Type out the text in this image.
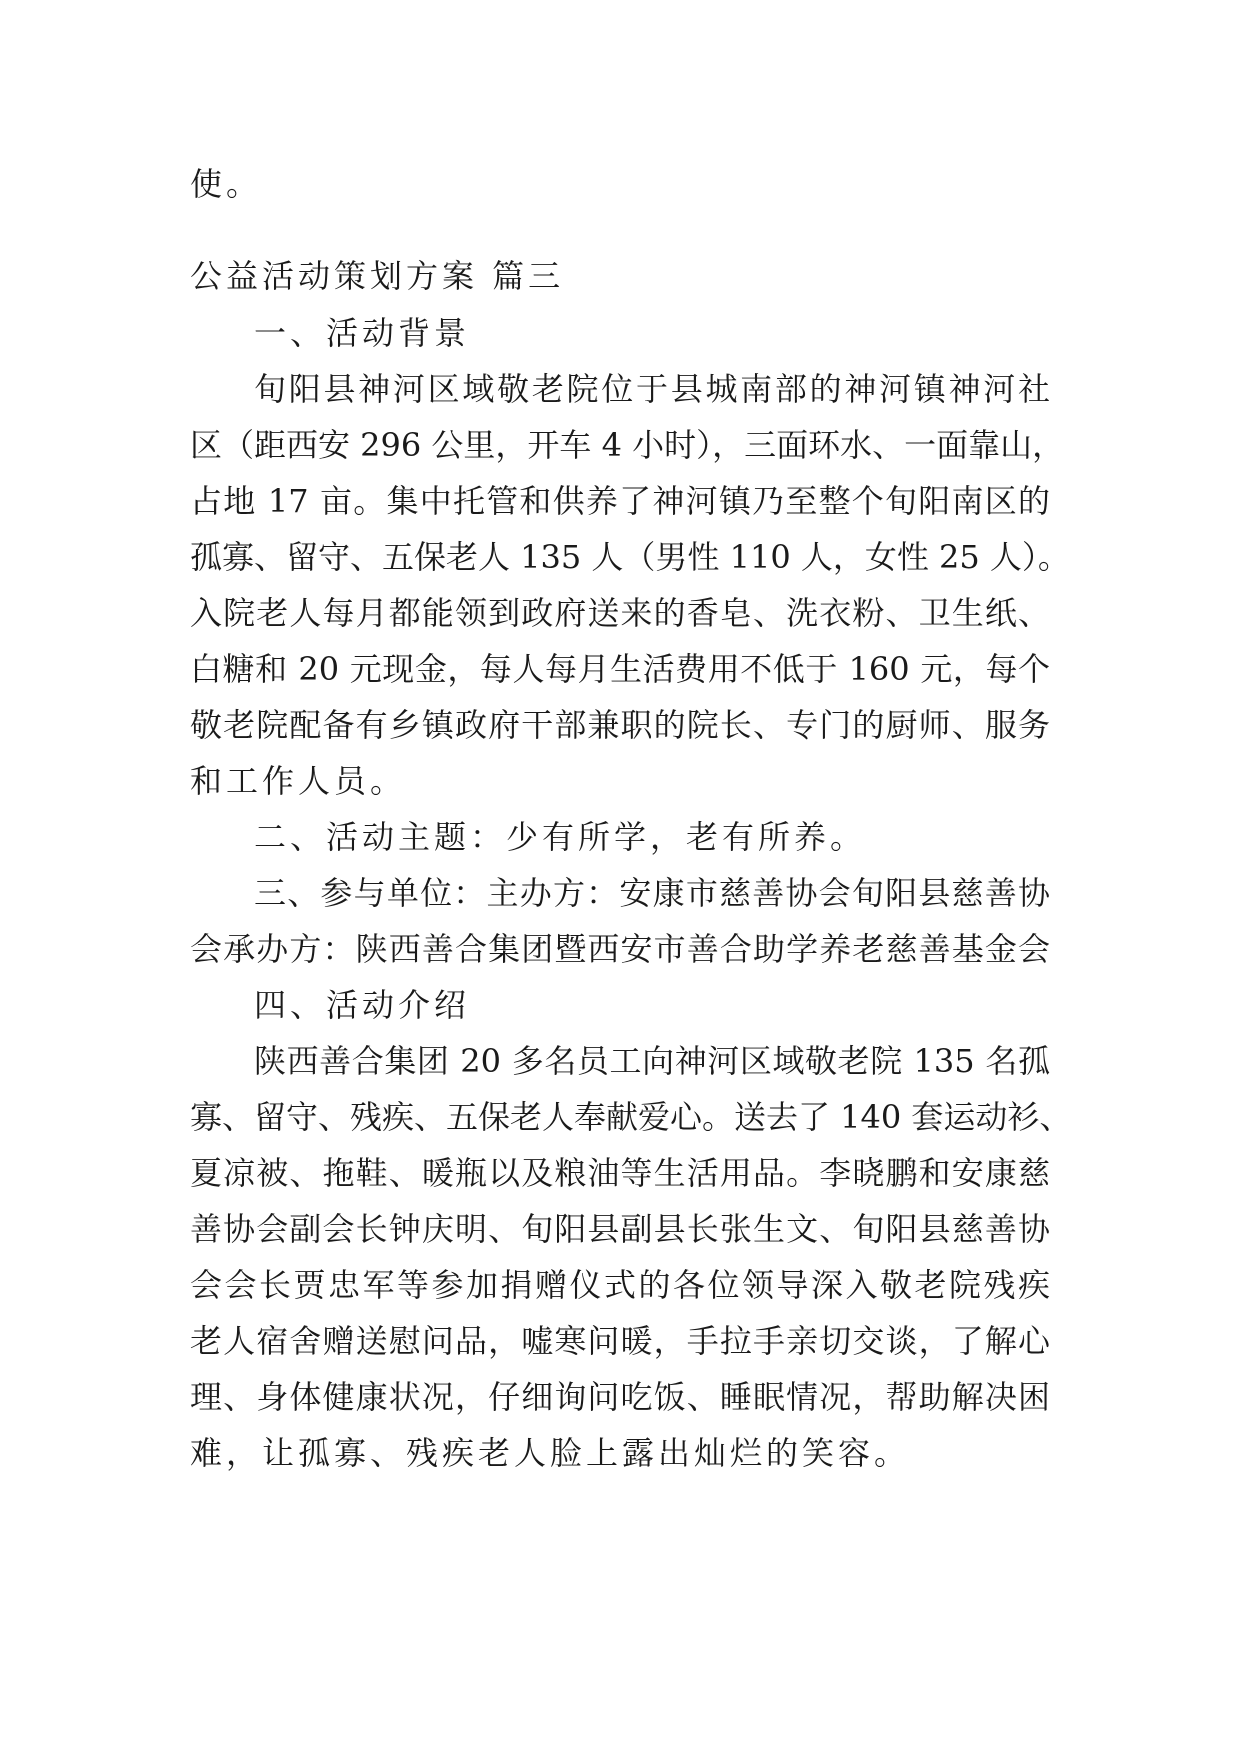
使。

公益活动策划方案 篇三

一、活动背景

旬阳县神河区域敬老院位于县城南部的神河镇神河社

区（距西安 296 公里，开车 4 小时），三面环水、一面靠山，

占地 17 亩。集中托管和供养了神河镇乃至整个旬阳南区的

孤寡、留守、五保老人 135 人（男性 110 人，女性 25 人）。

入院老人每月都能领到政府送来的香皂、洗衣粉、卫生纸、

白糖和 20 元现金，每人每月生活费用不低于 160 元，每个

敬老院配备有乡镇政府干部兼职的院长、专门的厨师、服务

和工作人员。

二、活动主题：少有所学，老有所养。

三、参与单位：主办方：安康市慈善协会旬阳县慈善协

会承办方：陕西善合集团暨西安市善合助学养老慈善基金会

四、活动介绍

陕西善合集团 20 多名员工向神河区域敬老院 135 名孤

寡、留守、残疾、五保老人奉献爱心。送去了 140 套运动衫、

夏凉被、拖鞋、暖瓶以及粮油等生活用品。李晓鹏和安康慈

善协会副会长钟庆明、旬阳县副县长张生文、旬阳县慈善协

会会长贾忠军等参加捐赠仪式的各位领导深入敬老院残疾

老人宿舍赠送慰问品，嘘寒问暖，手拉手亲切交谈，了解心

理、身体健康状况，仔细询问吃饭、睡眠情况，帮助解决困

难，让孤寡、残疾老人脸上露出灿烂的笑容。
